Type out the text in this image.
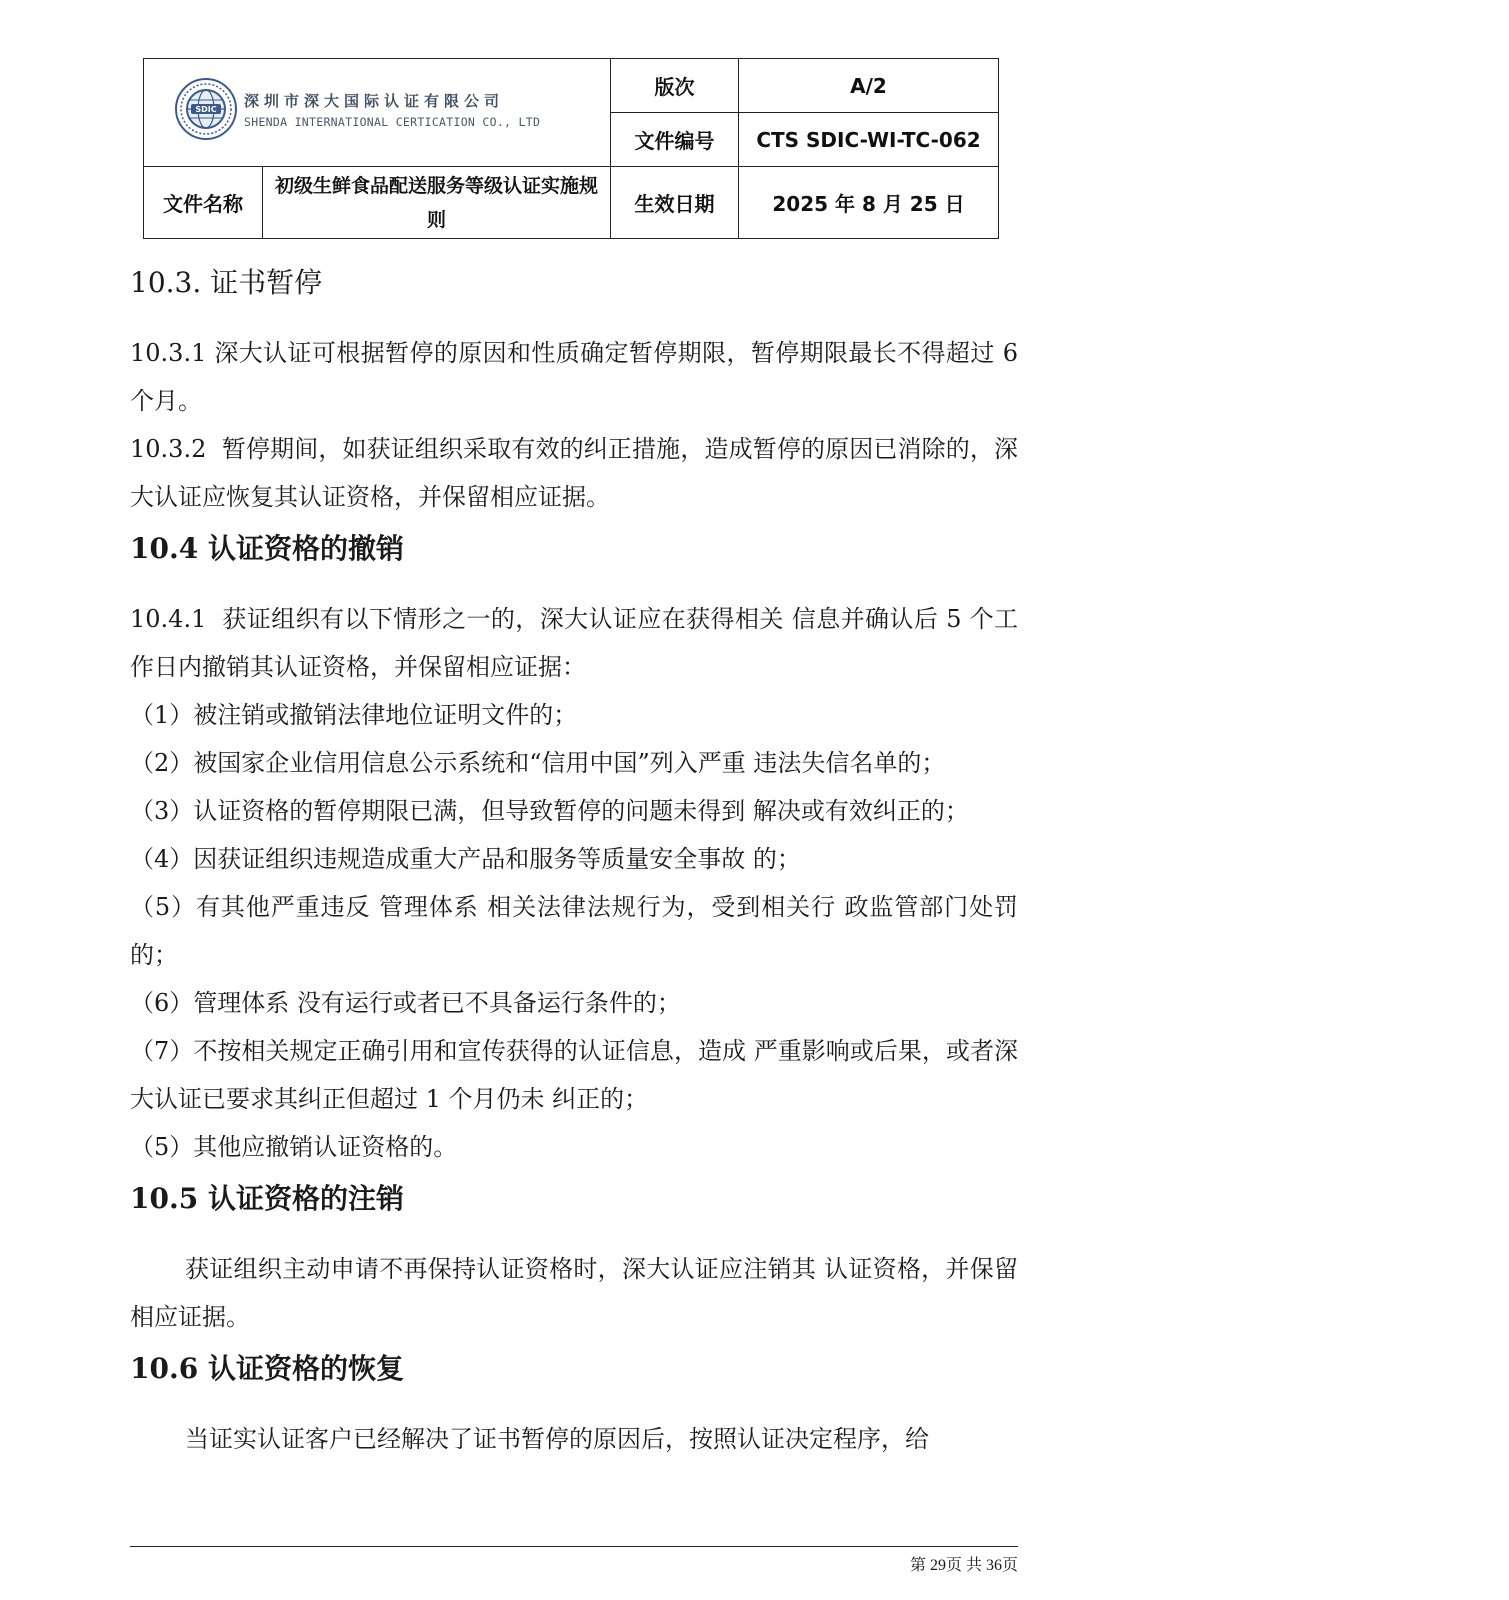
SDIC 深圳市深大国际认证有限公司
SHENDA INTERNATIONAL CERTICATION CO., LTD		版次	A/2
		文件编号	CTS SDIC-WI-TC-062
文件名称	初级生鲜食品配送服务等级认证实施规则	生效日期	2025 年 8 月 25 日
10.3. 证书暂停

10.3.1 深大认证可根据暂停的原因和性质确定暂停期限，暂停期限最长不得超过 6 个月。

10.3.2  暂停期间，如获证组织采取有效的纠正措施，造成暂停的原因已消除的，深大认证应恢复其认证资格，并保留相应证据。

10.4 认证资格的撤销

10.4.1  获证组织有以下情形之一的，深大认证应在获得相关 信息并确认后 5 个工作日内撤销其认证资格，并保留相应证据：

（1）被注销或撤销法律地位证明文件的；

（2）被国家企业信用信息公示系统和“信用中国”列入严重 违法失信名单的；

（3）认证资格的暂停期限已满，但导致暂停的问题未得到 解决或有效纠正的；

（4）因获证组织违规造成重大产品和服务等质量安全事故 的；

（5）有其他严重违反 管理体系 相关法律法规行为，受到相关行 政监管部门处罚的；

（6）管理体系 没有运行或者已不具备运行条件的；

（7）不按相关规定正确引用和宣传获得的认证信息，造成 严重影响或后果，或者深大认证已要求其纠正但超过 1 个月仍未 纠正的；

（5）其他应撤销认证资格的。

10.5 认证资格的注销

获证组织主动申请不再保持认证资格时，深大认证应注销其 认证资格，并保留相应证据。

10.6 认证资格的恢复

当证实认证客户已经解决了证书暂停的原因后，按照认证决定程序，给

第 29页 共 36页
